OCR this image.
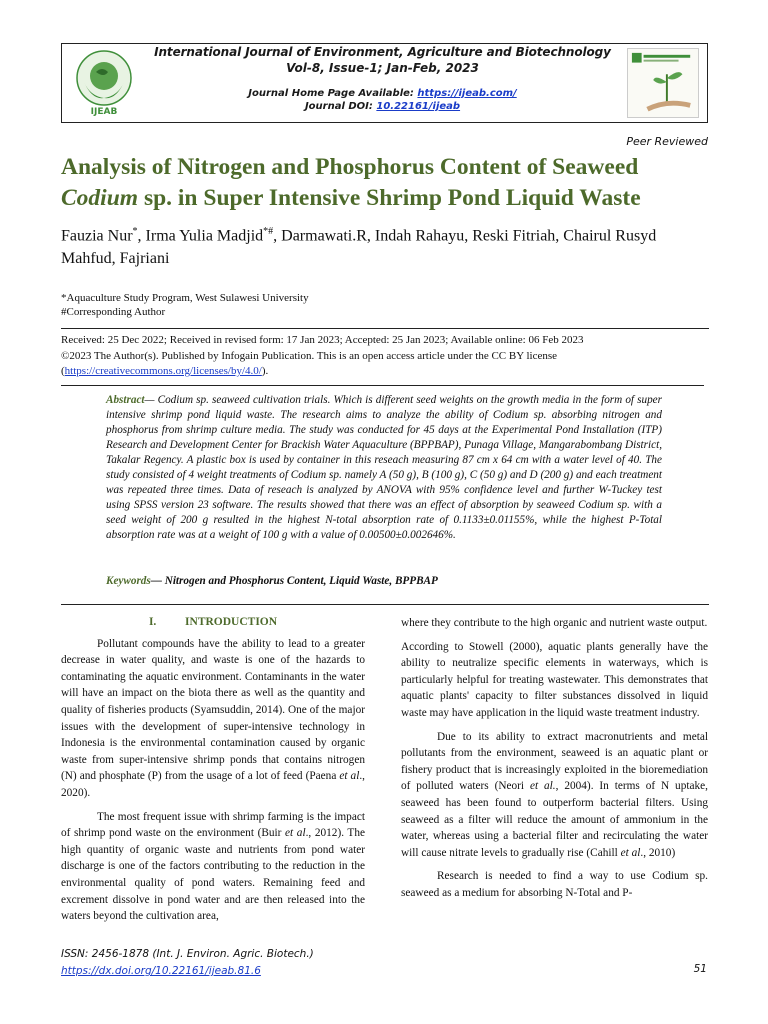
IJEAB
International Journal of Environment, Agriculture and Biotechnology
Vol-8, Issue-1; Jan-Feb, 2023
Journal Home Page Available: https://ijeab.com/
Journal DOI: 10.22161/ijeab
Peer Reviewed
Analysis of Nitrogen and Phosphorus Content of Seaweed
Codium sp. in Super Intensive Shrimp Pond Liquid Waste
Fauzia Nur*, Irma Yulia Madjid*#, Darmawati.R, Indah Rahayu, Reski Fitriah, Chairul Rusyd Mahfud, Fajriani
*Aquaculture Study Program, West Sulawesi University
#Corresponding Author
Received: 25 Dec 2022; Received in revised form: 17 Jan 2023; Accepted: 25 Jan 2023; Available online: 06 Feb 2023
©2023 The Author(s). Published by Infogain Publication. This is an open access article under the CC BY license
(https://creativecommons.org/licenses/by/4.0/).
Abstract— Codium sp. seaweed cultivation trials. Which is different seed weights on the growth media in the form of super intensive shrimp pond liquid waste. The research aims to analyze the ability of Codium sp. absorbing nitrogen and phosphorus from shrimp culture media. The study was conducted for 45 days at the Experimental Pond Installation (ITP) Research and Development Center for Brackish Water Aquaculture (BPPBAP), Punaga Village, Mangarabombang District, Takalar Regency. A plastic box is used by container in this reseach measuring 87 cm x 64 cm with a water level of 40. The study consisted of 4 weight treatments of Codium sp. namely A (50 g), B (100 g), C (50 g) and D (200 g) and each treatment was repeated three times. Data of reseach is analyzed by ANOVA with 95% confidence level and further W-Tuckey test using SPSS version 23 software. The results showed that there was an effect of absorption by seaweed Codium sp. with a seed weight of 200 g resulted in the highest N-total absorption rate of 0.1133±0.01155%, while the highest P-Total absorption rate was at a weight of 100 g with a value of 0.00500±0.002646%.
Keywords— Nitrogen and Phosphorus Content, Liquid Waste, BPPBAP
I.	INTRODUCTION

Pollutant compounds have the ability to lead to a greater decrease in water quality, and waste is one of the hazards to contaminating the aquatic environment. Contaminants in the water will have an impact on the biota there as well as the quantity and quality of fisheries products (Syamsuddin, 2014). One of the major issues with the development of super-intensive technology in Indonesia is the environmental contamination caused by organic waste from super-intensive shrimp ponds that contains nitrogen (N) and phosphate (P) from the usage of a lot of feed (Paena et al., 2020).

The most frequent issue with shrimp farming is the impact of shrimp pond waste on the environment (Buir et al., 2012). The high quantity of organic waste and nutrients from pond water discharge is one of the factors contributing to the reduction in the environmental quality of pond waters. Remaining feed and excrement dissolve in pond water and are then released into the waters beyond the cultivation area,

where they contribute to the high organic and nutrient waste output.

According to Stowell (2000), aquatic plants generally have the ability to neutralize specific elements in waterways, which is particularly helpful for treating wastewater. This demonstrates that aquatic plants' capacity to filter substances dissolved in liquid waste may have application in the liquid waste treatment industry.

Due to its ability to extract macronutrients and metal pollutants from the environment, seaweed is an aquatic plant or fishery product that is increasingly exploited in the bioremediation of polluted waters (Neori et al., 2004). In terms of N uptake, seaweed has been found to outperform bacterial filters. Using seaweed as a filter will reduce the amount of ammonium in the water, whereas using a bacterial filter and recirculating the water will cause nitrate levels to gradually rise (Cahill et al., 2010)

Research is needed to find a way to use Codium sp. seaweed as a medium for absorbing N-Total and P-

ISSN: 2456-1878 (Int. J. Environ. Agric. Biotech.)
https://dx.doi.org/10.22161/ijeab.81.6	51
